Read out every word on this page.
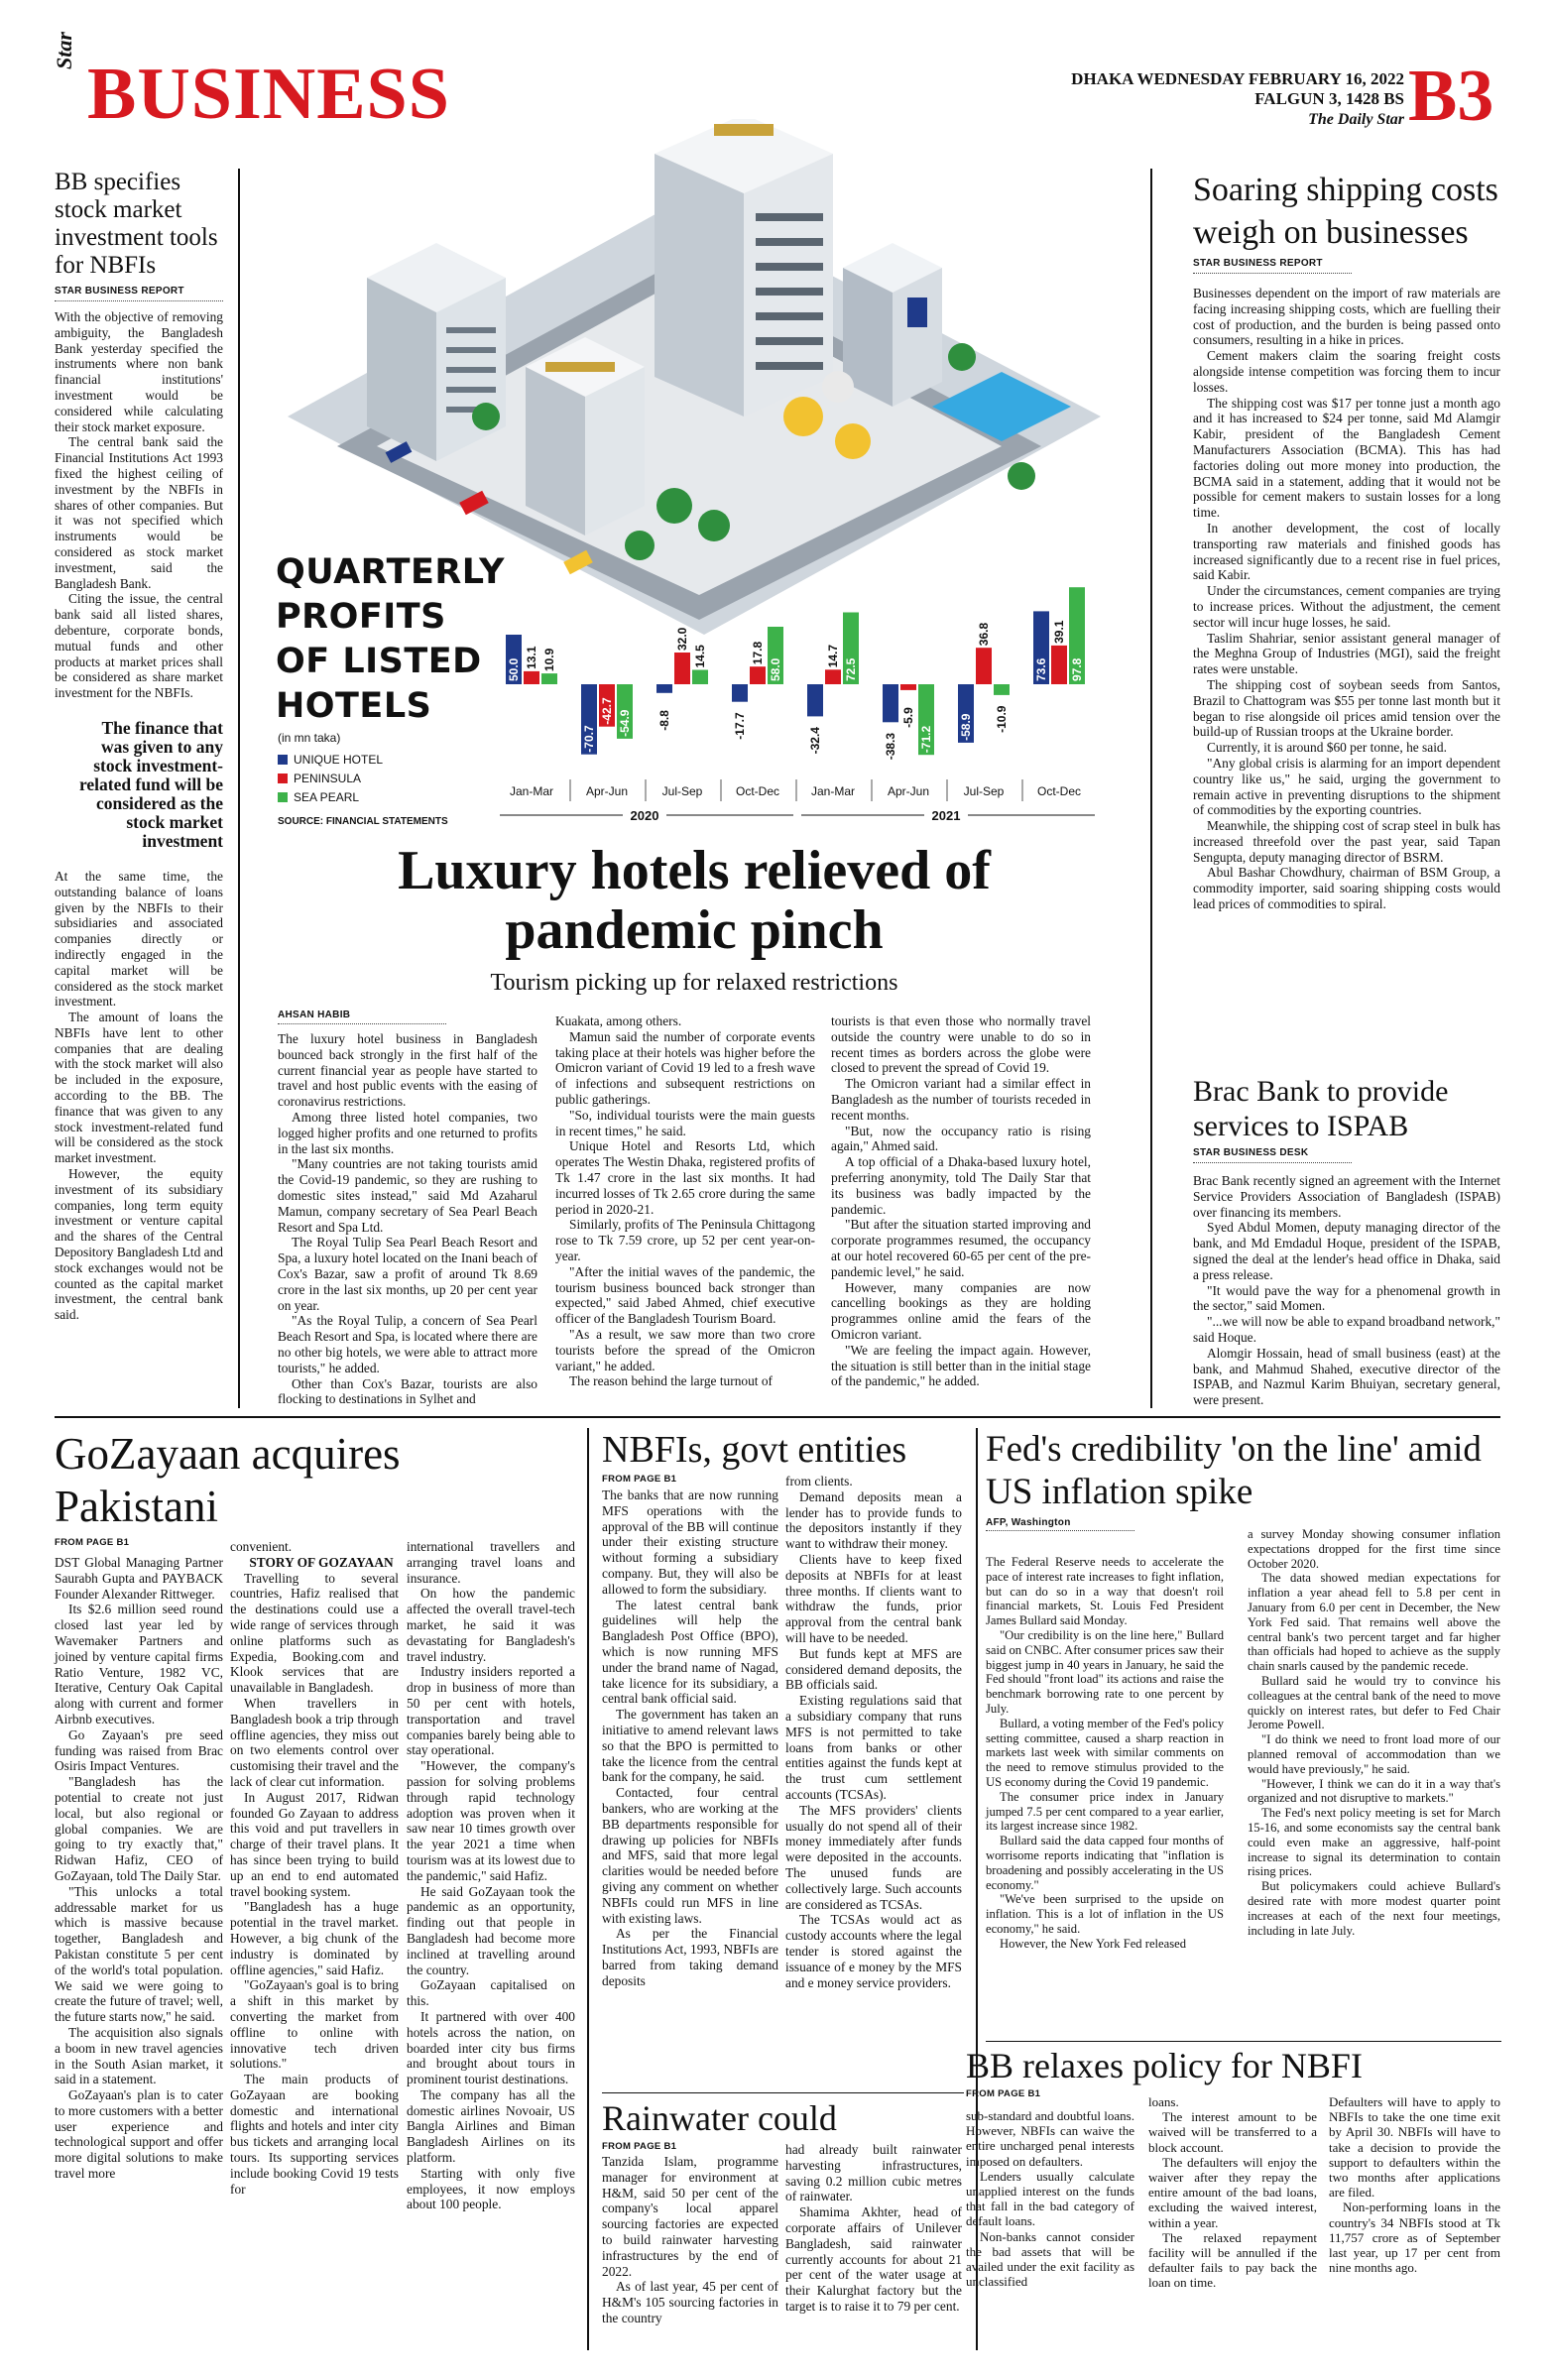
Star
BUSINESS	DHAKA WEDNESDAY FEBRUARY 16, 2022
FALGUN 3, 1428 BS
The Daily Star B3
BB specifies stock market investment tools for NBFIs
STAR BUSINESS REPORT

With the objective of removing ambiguity, the Bangladesh Bank yesterday specified the instruments where non bank financial institutions' investment would be considered while calculating their stock market exposure.

The central bank said the Financial Institutions Act 1993 fixed the highest ceiling of investment by the NBFIs in shares of other companies. But it was not specified which instruments would be considered as stock market investment, said the Bangladesh Bank.

Citing the issue, the central bank said all listed shares, debenture, corporate bonds, mutual funds and other products at market prices shall be considered as share market investment for the NBFIs.

The finance that was given to any stock investment-related fund will be considered as the stock market investment

At the same time, the outstanding balance of loans given by the NBFIs to their subsidiaries and associated companies directly or indirectly engaged in the capital market will be considered as the stock market investment.

The amount of loans the NBFIs have lent to other companies that are dealing with the stock market will also be included in the exposure, according to the BB. The finance that was given to any stock investment-related fund will be considered as the stock market investment.

However, the equity investment of its subsidiary companies, long term equity investment or venture capital and the shares of the Central Depository Bangladesh Ltd and stock exchanges would not be counted as the capital market investment, the central bank said.

QUARTERLY PROFITS OF LISTED HOTELS
(in mn taka)
UNIQUE HOTEL
PENINSULA
SEA PEARL
SOURCE: FINANCIAL STATEMENTS
50.0
13.1 10.9
Jan-Mar
-70.7
-42.7 -54.9
Apr-Jun
-8.8
32.0
14.5
Jul-Sep
-17.7
17.8
58.0
Oct-Dec
-32.4
14.7
72.5
Jan-Mar
-38.3
-5.9
-71.2
Apr-Jun
-58.9
36.8
-10.9
Jul-Sep
73.6
39.1
97.8
Oct-Dec
2020	2021
Luxury hotels relieved of pandemic pinch
Tourism picking up for relaxed restrictions
AHSAN HABIB

The luxury hotel business in Bangladesh bounced back strongly in the first half of the current financial year as people have started to travel and host public events with the easing of coronavirus restrictions.

Among three listed hotel companies, two logged higher profits and one returned to profits in the last six months.

"Many countries are not taking tourists amid the Covid-19 pandemic, so they are rushing to domestic sites instead," said Md Azaharul Mamun, company secretary of Sea Pearl Beach Resort and Spa Ltd.

The Royal Tulip Sea Pearl Beach Resort and Spa, a luxury hotel located on the Inani beach of Cox's Bazar, saw a profit of around Tk 8.69 crore in the last six months, up 20 per cent year on year.

"As the Royal Tulip, a concern of Sea Pearl Beach Resort and Spa, is located where there are no other big hotels, we were able to attract more tourists," he added.

Other than Cox's Bazar, tourists are also flocking to destinations in Sylhet and

Kuakata, among others.

Mamun said the number of corporate events taking place at their hotels was higher before the Omicron variant of Covid 19 led to a fresh wave of infections and subsequent restrictions on public gatherings.

"So, individual tourists were the main guests in recent times," he said.

Unique Hotel and Resorts Ltd, which operates The Westin Dhaka, registered profits of Tk 1.47 crore in the last six months. It had incurred losses of Tk 2.65 crore during the same period in 2020-21.

Similarly, profits of The Peninsula Chittagong rose to Tk 7.59 crore, up 52 per cent year-on-year.

"After the initial waves of the pandemic, the tourism business bounced back stronger than expected," said Jabed Ahmed, chief executive officer of the Bangladesh Tourism Board.

"As a result, we saw more than two crore tourists before the spread of the Omicron variant," he added.

The reason behind the large turnout of

tourists is that even those who normally travel outside the country were unable to do so in recent times as borders across the globe were closed to prevent the spread of Covid 19.

The Omicron variant had a similar effect in Bangladesh as the number of tourists receded in recent months.

"But, now the occupancy ratio is rising again," Ahmed said.

A top official of a Dhaka-based luxury hotel, preferring anonymity, told The Daily Star that its business was badly impacted by the pandemic.

"But after the situation started improving and corporate programmes resumed, the occupancy at our hotel recovered 60-65 per cent of the pre-pandemic level," he said.

However, many companies are now cancelling bookings as they are holding programmes online amid the fears of the Omicron variant.

"We are feeling the impact again. However, the situation is still better than in the initial stage of the pandemic," he added.

Soaring shipping costs weigh on businesses
STAR BUSINESS REPORT

Businesses dependent on the import of raw materials are facing increasing shipping costs, which are fuelling their cost of production, and the burden is being passed onto consumers, resulting in a hike in prices.

Cement makers claim the soaring freight costs alongside intense competition was forcing them to incur losses.

The shipping cost was $17 per tonne just a month ago and it has increased to $24 per tonne, said Md Alamgir Kabir, president of the Bangladesh Cement Manufacturers Association (BCMA). This has had factories doling out more money into production, the BCMA said in a statement, adding that it would not be possible for cement makers to sustain losses for a long time.

In another development, the cost of locally transporting raw materials and finished goods has increased significantly due to a recent rise in fuel prices, said Kabir.

Under the circumstances, cement companies are trying to increase prices. Without the adjustment, the cement sector will incur huge losses, he said.

Taslim Shahriar, senior assistant general manager of the Meghna Group of Industries (MGI), said the freight rates were unstable.

The shipping cost of soybean seeds from Santos, Brazil to Chattogram was $55 per tonne last month but it began to rise alongside oil prices amid tension over the build-up of Russian troops at the Ukraine border.

Currently, it is around $60 per tonne, he said.

"Any global crisis is alarming for an import dependent country like us," he said, urging the government to remain active in preventing disruptions to the shipment of commodities by the exporting countries.

Meanwhile, the shipping cost of scrap steel in bulk has increased threefold over the past year, said Tapan Sengupta, deputy managing director of BSRM.

Abul Bashar Chowdhury, chairman of BSM Group, a commodity importer, said soaring shipping costs would lead prices of commodities to spiral.

Brac Bank to provide services to ISPAB
STAR BUSINESS DESK

Brac Bank recently signed an agreement with the Internet Service Providers Association of Bangladesh (ISPAB) over financing its members.

Syed Abdul Momen, deputy managing director of the bank, and Md Emdadul Hoque, president of the ISPAB, signed the deal at the lender's head office in Dhaka, said a press release.

"It would pave the way for a phenomenal growth in the sector," said Momen.

"...we will now be able to expand broadband network," said Hoque.

Alomgir Hossain, head of small business (east) at the bank, and Mahmud Shahed, executive director of the ISPAB, and Nazmul Karim Bhuiyan, secretary general, were present.

GoZayaan acquires Pakistani
FROM PAGE B1

DST Global Managing Partner Saurabh Gupta and PAYBACK Founder Alexander Rittweger.

Its $2.6 million seed round closed last year led by Wavemaker Partners and joined by venture capital firms Ratio Venture, 1982 VC, Iterative, Century Oak Capital along with current and former Airbnb executives.

Go Zayaan's pre seed funding was raised from Brac Osiris Impact Ventures.

"Bangladesh has the potential to create not just local, but also regional or global companies. We are going to try exactly that," Ridwan Hafiz, CEO of GoZayaan, told The Daily Star.

"This unlocks a total addressable market for us which is massive because together, Bangladesh and Pakistan constitute 5 per cent of the world's total population. We said we were going to create the future of travel; well, the future starts now," he said.

The acquisition also signals a boom in new travel agencies in the South Asian market, it said in a statement.

GoZayaan's plan is to cater to more customers with a better user experience and technological support and offer more digital solutions to make travel more

convenient.

STORY OF GOZAYAAN

Travelling to several countries, Hafiz realised that the destinations could use a wide range of services through online platforms such as Expedia, Booking.com and Klook services that are unavailable in Bangladesh.

When travellers in Bangladesh book a trip through offline agencies, they miss out on two elements control over customising their travel and the lack of clear cut information.

In August 2017, Ridwan founded Go Zayaan to address this void and put travellers in charge of their travel plans. It has since been trying to build up an end to end automated travel booking system.

"Bangladesh has a huge potential in the travel market. However, a big chunk of the industry is dominated by offline agencies," said Hafiz.

"GoZayaan's goal is to bring a shift in this market by converting the market from offline to online with innovative tech driven solutions."

The main products of GoZayaan are booking domestic and international flights and hotels and inter city bus tickets and arranging local tours. Its supporting services include booking Covid 19 tests for

international travellers and arranging travel loans and insurance.

On how the pandemic affected the overall travel-tech market, he said it was devastating for Bangladesh's travel industry.

Industry insiders reported a drop in business of more than 50 per cent with hotels, transportation and travel companies barely being able to stay operational.

"However, the company's passion for solving problems through rapid technology adoption was proven when it saw near 10 times growth over the year 2021 a time when tourism was at its lowest due to the pandemic," said Hafiz.

He said GoZayaan took the pandemic as an opportunity, finding out that people in Bangladesh had become more inclined at travelling around the country.

GoZayaan capitalised on this.

It partnered with over 400 hotels across the nation, on boarded inter city bus firms and brought about tours in prominent tourist destinations.

The company has all the domestic airlines Novoair, US Bangla Airlines and Biman Bangladesh Airlines on its platform.

Starting with only five employees, it now employs about 100 people.

NBFIs, govt entities
FROM PAGE B1

The banks that are now running MFS operations with the approval of the BB will continue under their existing structure without forming a subsidiary company. But, they will also be allowed to form the subsidiary.

The latest central bank guidelines will help the Bangladesh Post Office (BPO), which is now running MFS under the brand name of Nagad, take licence for its subsidiary, a central bank official said.

The government has taken an initiative to amend relevant laws so that the BPO is permitted to take the licence from the central bank for the company, he said.

Contacted, four central bankers, who are working at the BB departments responsible for drawing up policies for NBFIs and MFS, said that more legal clarities would be needed before giving any comment on whether NBFIs could run MFS in line with existing laws.

As per the Financial Institutions Act, 1993, NBFIs are barred from taking demand deposits

from clients.

Demand deposits mean a lender has to provide funds to the depositors instantly if they want to withdraw their money.

Clients have to keep fixed deposits at NBFIs for at least three months. If clients want to withdraw the funds, prior approval from the central bank will have to be needed.

But funds kept at MFS are considered demand deposits, the BB officials said.

Existing regulations said that a subsidiary company that runs MFS is not permitted to take loans from banks or other entities against the funds kept at the trust cum settlement accounts (TCSAs).

The MFS providers' clients usually do not spend all of their money immediately after funds were deposited in the accounts. The unused funds are collectively large. Such accounts are considered as TCSAs.

The TCSAs would act as custody accounts where the legal tender is stored against the issuance of e money by the MFS and e money service providers.

Rainwater could
FROM PAGE B1

Tanzida Islam, programme manager for environment at H&M, said 50 per cent of the company's local apparel sourcing factories are expected to build rainwater harvesting infrastructures by the end of 2022.

As of last year, 45 per cent of H&M's 105 sourcing factories in the country

had already built rainwater harvesting infrastructures, saving 0.2 million cubic metres of rainwater.

Shamima Akhter, head of corporate affairs of Unilever Bangladesh, said rainwater currently accounts for about 21 per cent of the water usage at their Kalurghat factory but the target is to raise it to 79 per cent.

Fed's credibility 'on the line' amid US inflation spike
AFP, Washington

The Federal Reserve needs to accelerate the pace of interest rate increases to fight inflation, but can do so in a way that doesn't roil financial markets, St. Louis Fed President James Bullard said Monday.

"Our credibility is on the line here," Bullard said on CNBC. After consumer prices saw their biggest jump in 40 years in January, he said the Fed should "front load" its actions and raise the benchmark borrowing rate to one percent by July.

Bullard, a voting member of the Fed's policy setting committee, caused a sharp reaction in markets last week with similar comments on the need to remove stimulus provided to the US economy during the Covid 19 pandemic.

The consumer price index in January jumped 7.5 per cent compared to a year earlier, its largest increase since 1982.

Bullard said the data capped four months of worrisome reports indicating that "inflation is broadening and possibly accelerating in the US economy."

"We've been surprised to the upside on inflation. This is a lot of inflation in the US economy," he said.

However, the New York Fed released

a survey Monday showing consumer inflation expectations dropped for the first time since October 2020.

The data showed median expectations for inflation a year ahead fell to 5.8 per cent in January from 6.0 per cent in December, the New York Fed said. That remains well above the central bank's two percent target and far higher than officials had hoped to achieve as the supply chain snarls caused by the pandemic recede.

Bullard said he would try to convince his colleagues at the central bank of the need to move quickly on interest rates, but defer to Fed Chair Jerome Powell.

"I do think we need to front load more of our planned removal of accommodation than we would have previously," he said.

"However, I think we can do it in a way that's organized and not disruptive to markets."

The Fed's next policy meeting is set for March 15-16, and some economists say the central bank could even make an aggressive, half-point increase to signal its determination to contain rising prices.

But policymakers could achieve Bullard's desired rate with more modest quarter point increases at each of the next four meetings, including in late July.

BB relaxes policy for NBFI
FROM PAGE B1

sub-standard and doubtful loans. However, NBFIs can waive the entire uncharged penal interests imposed on defaulters.

Lenders usually calculate unapplied interest on the funds that fall in the bad category of default loans.

Non-banks cannot consider the bad assets that will be availed under the exit facility as unclassified

loans.

The interest amount to be waived will be transferred to a block account.

The defaulters will enjoy the waiver after they repay the entire amount of the bad loans, excluding the waived interest, within a year.

The relaxed repayment facility will be annulled if the defaulter fails to pay back the loan on time.

Defaulters will have to apply to NBFIs to take the one time exit by April 30. NBFIs will have to take a decision to provide the support to defaulters within the two months after applications are filed.

Non-performing loans in the country's 34 NBFIs stood at Tk 11,757 crore as of September last year, up 17 per cent from nine months ago.
